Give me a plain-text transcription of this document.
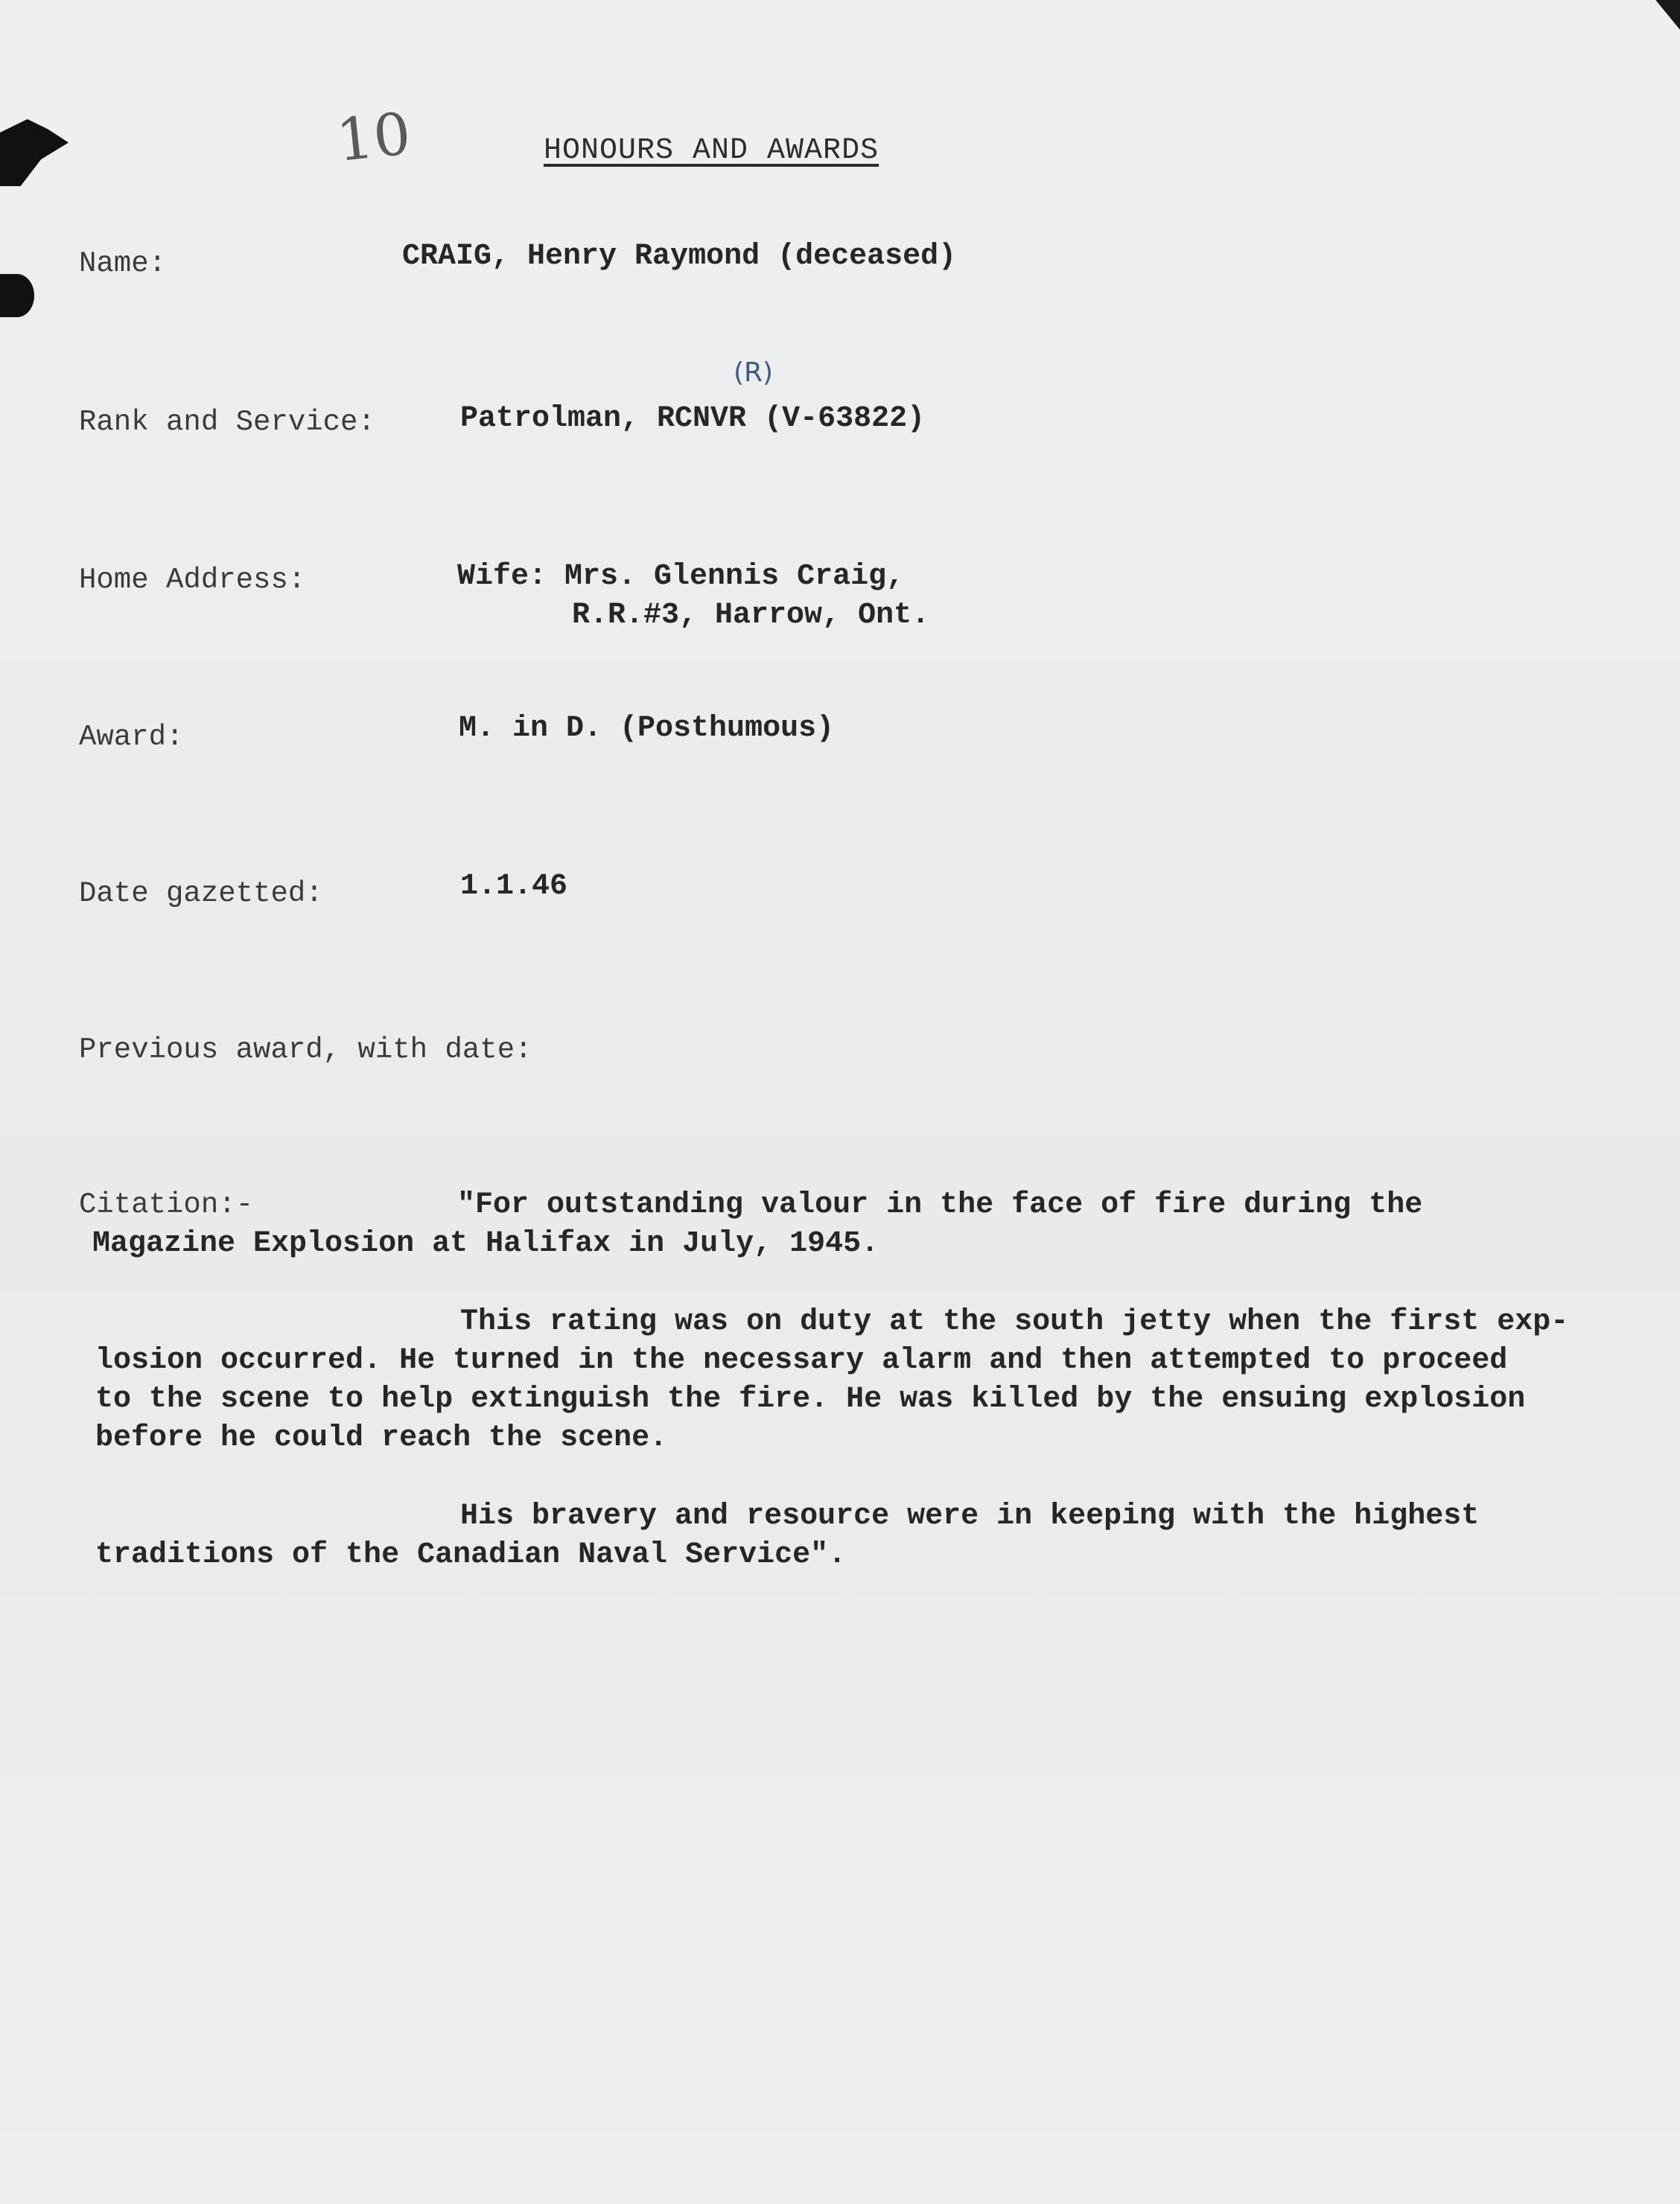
10	HONOURS AND AWARDS
Name:	CRAIG, Henry Raymond (deceased)
(R)
Rank and Service:	Patrolman, RCNVR (V-63822)
Home Address:	Wife: Mrs. Glennis Craig,
R.R.#3, Harrow, Ont.
Award:	M. in D. (Posthumous)
Date gazetted:	1.1.46
Previous award, with date:
Citation:-	"For outstanding valour in the face of fire during the
Magazine Explosion at Halifax in July, 1945.
This rating was on duty at the south jetty when the first exp-
losion occurred. He turned in the necessary alarm and then attempted to proceed
to the scene to help extinguish the fire. He was killed by the ensuing explosion
before he could reach the scene.
His bravery and resource were in keeping with the highest
traditions of the Canadian Naval Service".
